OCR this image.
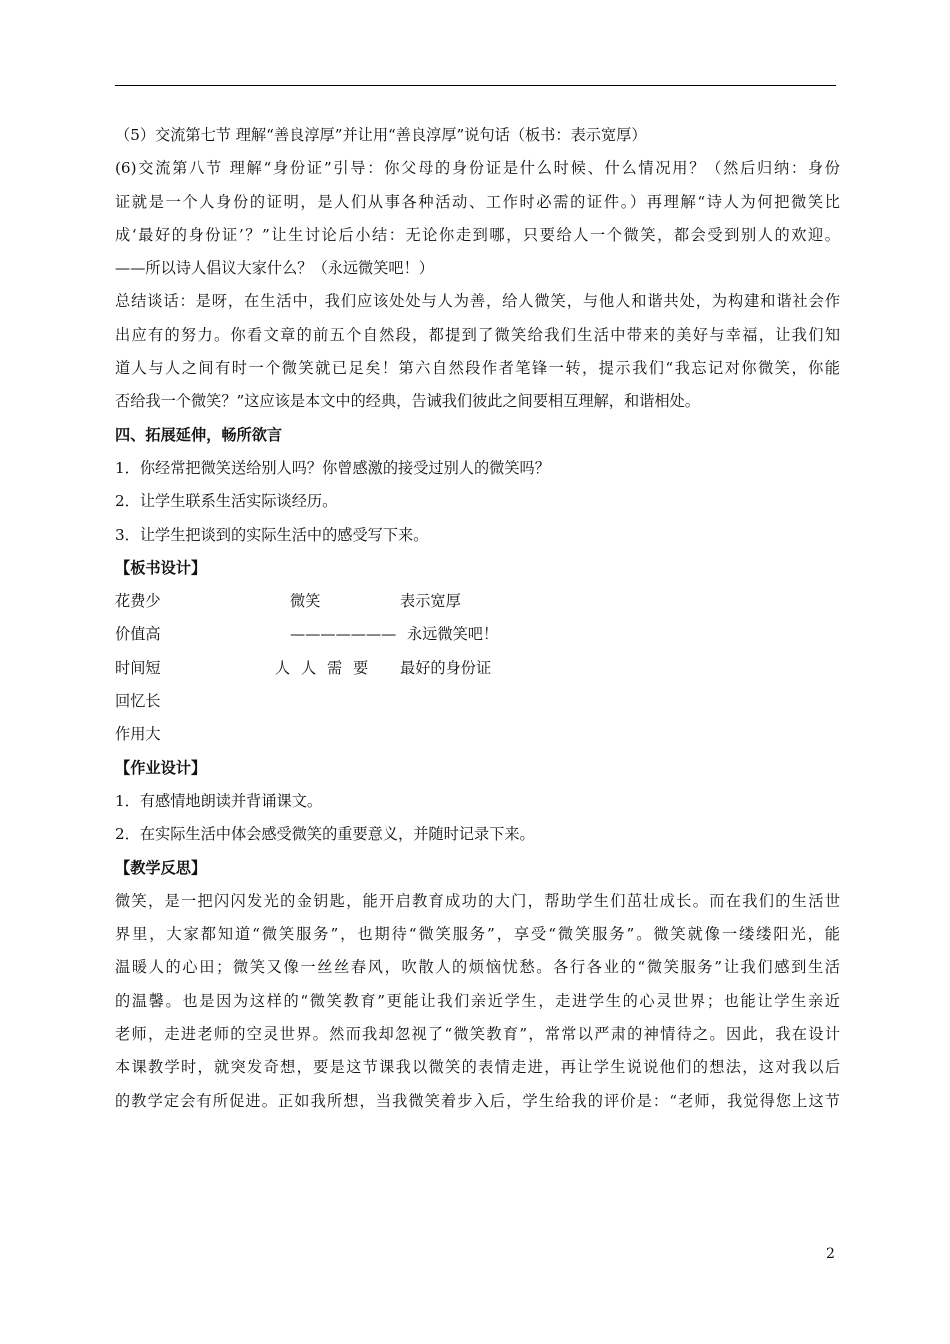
（5）交流第七节 理解“善良淳厚”并让用“善良淳厚”说句话（板书：表示宽厚）

(6)交流第八节 理解“身份证”引导：你父母的身份证是什么时候、什么情况用？（然后归纳：身份

证就是一个人身份的证明，是人们从事各种活动、工作时必需的证件。）再理解“诗人为何把微笑比

成‘最好的身份证’？”让生讨论后小结：无论你走到哪，只要给人一个微笑，都会受到别人的欢迎。

——所以诗人倡议大家什么？（永远微笑吧！）

总结谈话：是呀，在生活中，我们应该处处与人为善，给人微笑，与他人和谐共处，为构建和谐社会作

出应有的努力。你看文章的前五个自然段，都提到了微笑给我们生活中带来的美好与幸福，让我们知

道人与人之间有时一个微笑就已足矣！第六自然段作者笔锋一转，提示我们“我忘记对你微笑，你能

否给我一个微笑？”这应该是本文中的经典，告诫我们彼此之间要相互理解，和谐相处。

四、拓展延伸，畅所欲言

1．你经常把微笑送给别人吗？你曾感激的接受过别人的微笑吗？

2．让学生联系生活实际谈经历。

3．让学生把谈到的实际生活中的感受写下来。

【板书设计】

花费少	微笑	表示宽厚
价值高	——————— 永远微笑吧！
时间短	人 人 需 要 最好的身份证
回忆长
作用大

【作业设计】

1．有感情地朗读并背诵课文。

2．在实际生活中体会感受微笑的重要意义，并随时记录下来。

【教学反思】

微笑，是一把闪闪发光的金钥匙，能开启教育成功的大门，帮助学生们茁壮成长。而在我们的生活世

界里，大家都知道“微笑服务”，也期待“微笑服务”，享受“微笑服务”。微笑就像一缕缕阳光，能

温暖人的心田；微笑又像一丝丝春风，吹散人的烦恼忧愁。各行各业的“微笑服务”让我们感到生活

的温馨。也是因为这样的“微笑教育”更能让我们亲近学生，走进学生的心灵世界；也能让学生亲近

老师，走进老师的空灵世界。然而我却忽视了“微笑教育”，常常以严肃的神情待之。因此，我在设计

本课教学时，就突发奇想，要是这节课我以微笑的表情走进，再让学生说说他们的想法，这对我以后

的教学定会有所促进。正如我所想，当我微笑着步入后，学生给我的评价是：“老师，我觉得您上这节

2
